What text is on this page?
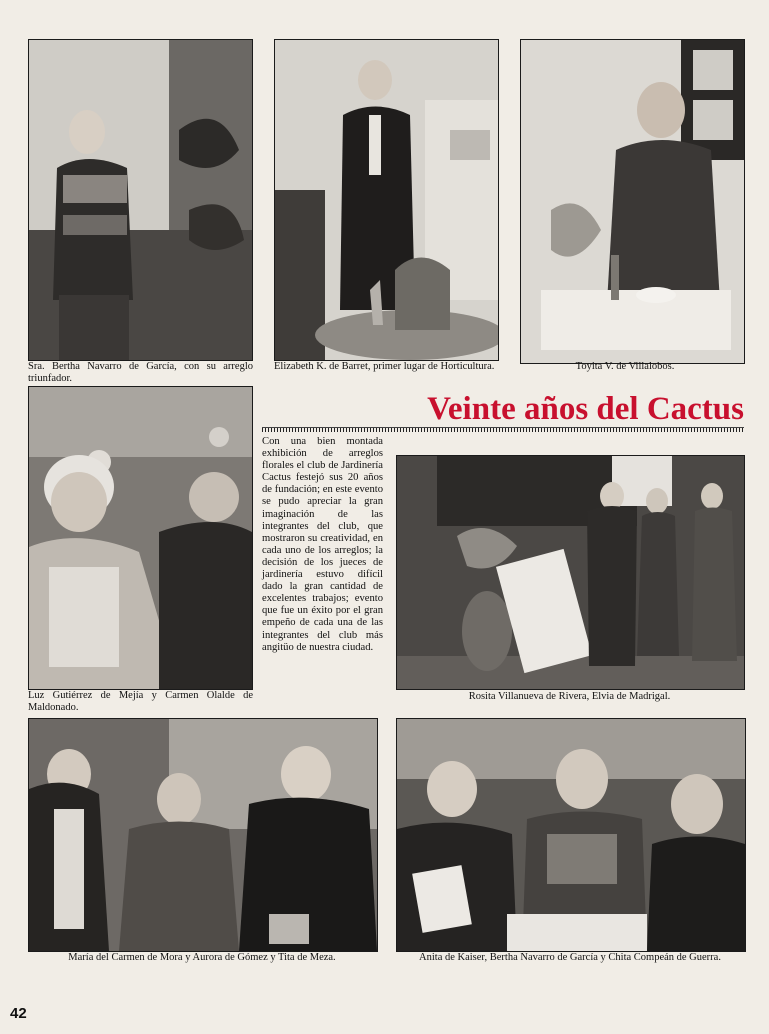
Sra. Bertha Navarro de García, con su arreglo triunfador.
Elizabeth K. de Barret, primer lugar de Horticultura.	Toyita V. de Villalobos.
Luz Gutiérrez de Mejía y Carmen Olalde de Maldonado.
Veinte años del Cactus
Con una bien montada exhibición de arreglos florales el club de Jardinería Cactus festejó sus 20 años de fundación; en este evento se pudo apreciar la gran imaginación de las integrantes del club, que mostraron su creatividad, en cada uno de los arreglos; la decisión de los jueces de jardinería estuvo difícil dado la gran cantidad de excelentes trabajos; evento que fue un éxito por el gran empeño de cada una de las integrantes del club más angitüo de nuestra ciudad.
Rosita Villanueva de Rivera, Elvia de Madrigal.
María del Carmen de Mora y Aurora de Gómez y Tita de Meza.	Anita de Kaiser, Bertha Navarro de García y Chita Compeán de Guerra.
42
